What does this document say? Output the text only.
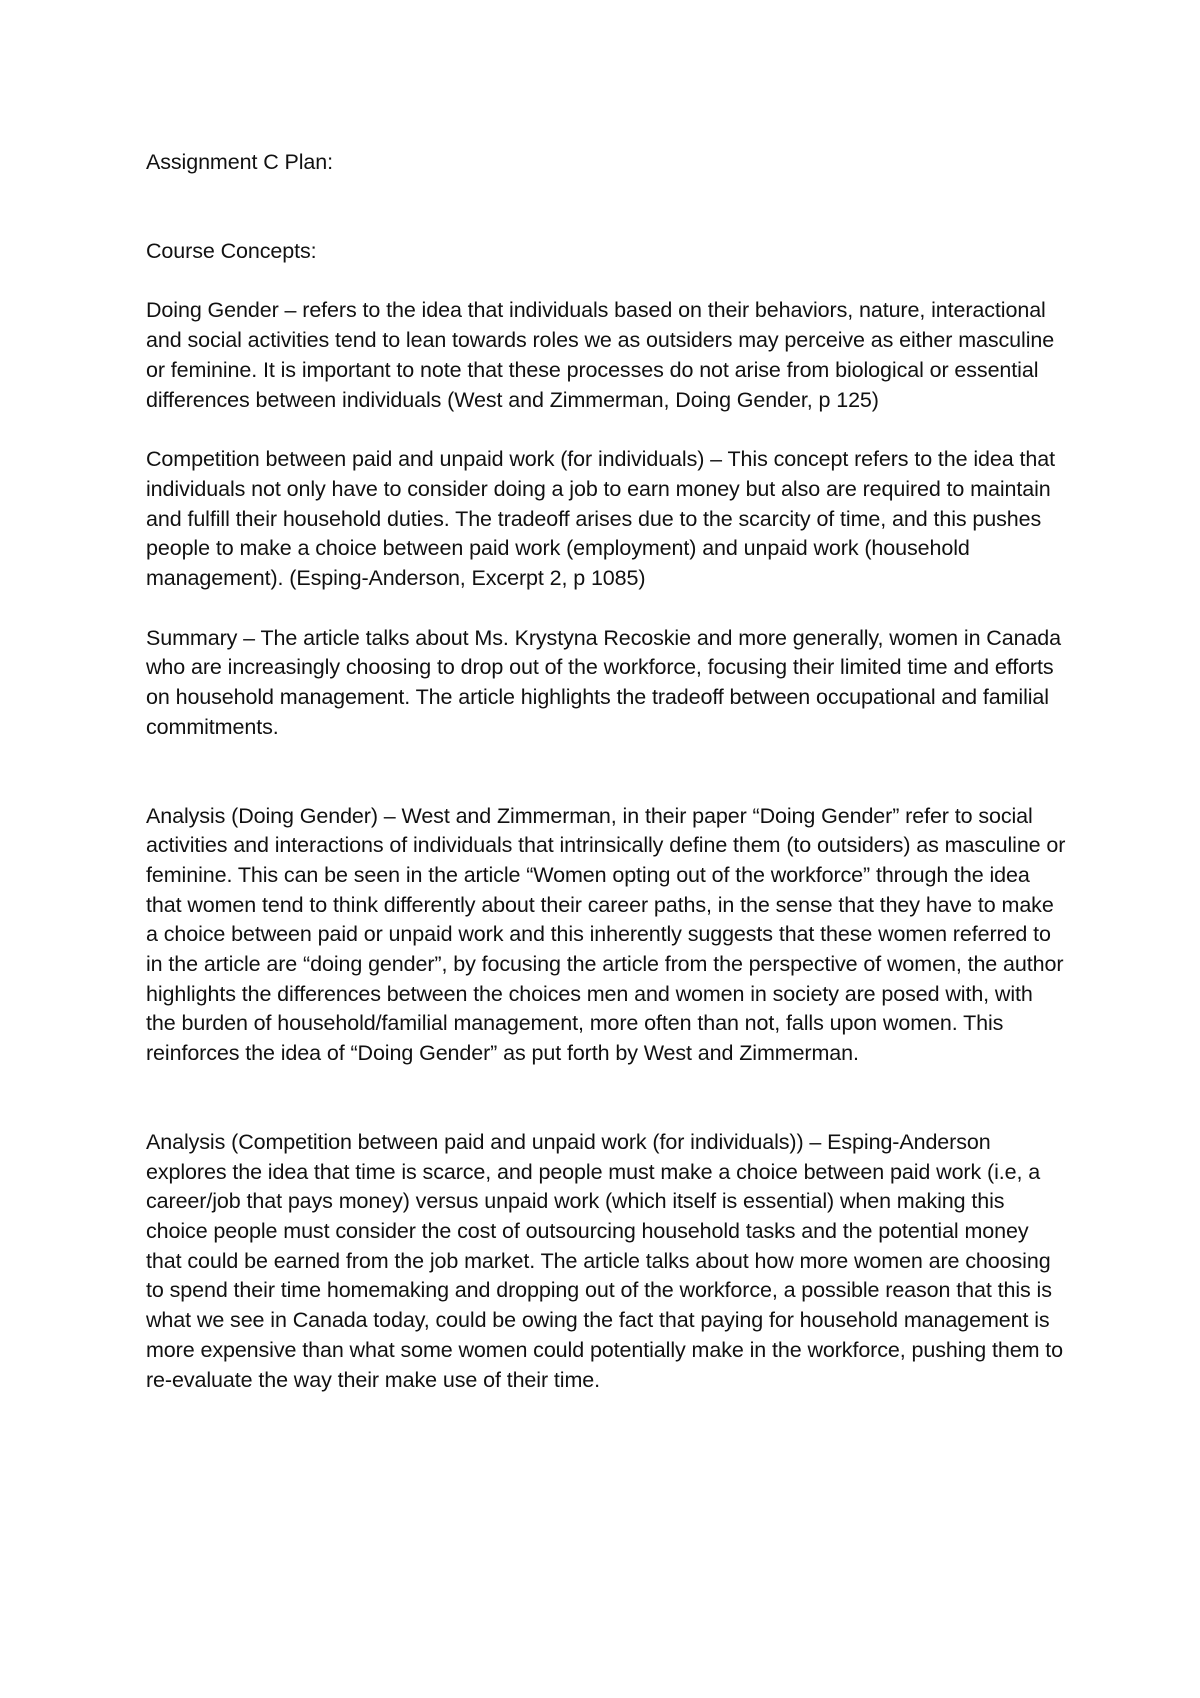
Assignment C Plan:

Course Concepts:

Doing Gender – refers to the idea that individuals based on their behaviors, nature, interactional and social activities tend to lean towards roles we as outsiders may perceive as either masculine or feminine. It is important to note that these processes do not arise from biological or essential differences between individuals (West and Zimmerman, Doing Gender, p 125)

Competition between paid and unpaid work (for individuals) – This concept refers to the idea that individuals not only have to consider doing a job to earn money but also are required to maintain and fulfill their household duties. The tradeoff arises due to the scarcity of time, and this pushes people to make a choice between paid work (employment) and unpaid work (household management). (Esping-Anderson, Excerpt 2, p 1085)

Summary – The article talks about Ms. Krystyna Recoskie and more generally, women in Canada who are increasingly choosing to drop out of the workforce, focusing their limited time and efforts on household management. The article highlights the tradeoff between occupational and familial commitments.

Analysis (Doing Gender) – West and Zimmerman, in their paper “Doing Gender” refer to social activities and interactions of individuals that intrinsically define them (to outsiders) as masculine or feminine. This can be seen in the article “Women opting out of the workforce” through the idea that women tend to think differently about their career paths, in the sense that they have to make a choice between paid or unpaid work and this inherently suggests that these women referred to in the article are “doing gender”, by focusing the article from the perspective of women, the author highlights the differences between the choices men and women in society are posed with, with the burden of household/familial management, more often than not, falls upon women. This reinforces the idea of “Doing Gender” as put forth by West and Zimmerman.

Analysis (Competition between paid and unpaid work (for individuals)) – Esping-Anderson explores the idea that time is scarce, and people must make a choice between paid work (i.e, a career/job that pays money) versus unpaid work (which itself is essential) when making this choice people must consider the cost of outsourcing household tasks and the potential money that could be earned from the job market. The article talks about how more women are choosing to spend their time homemaking and dropping out of the workforce, a possible reason that this is what we see in Canada today, could be owing the fact that paying for household management is more expensive than what some women could potentially make in the workforce, pushing them to re-evaluate the way their make use of their time.
